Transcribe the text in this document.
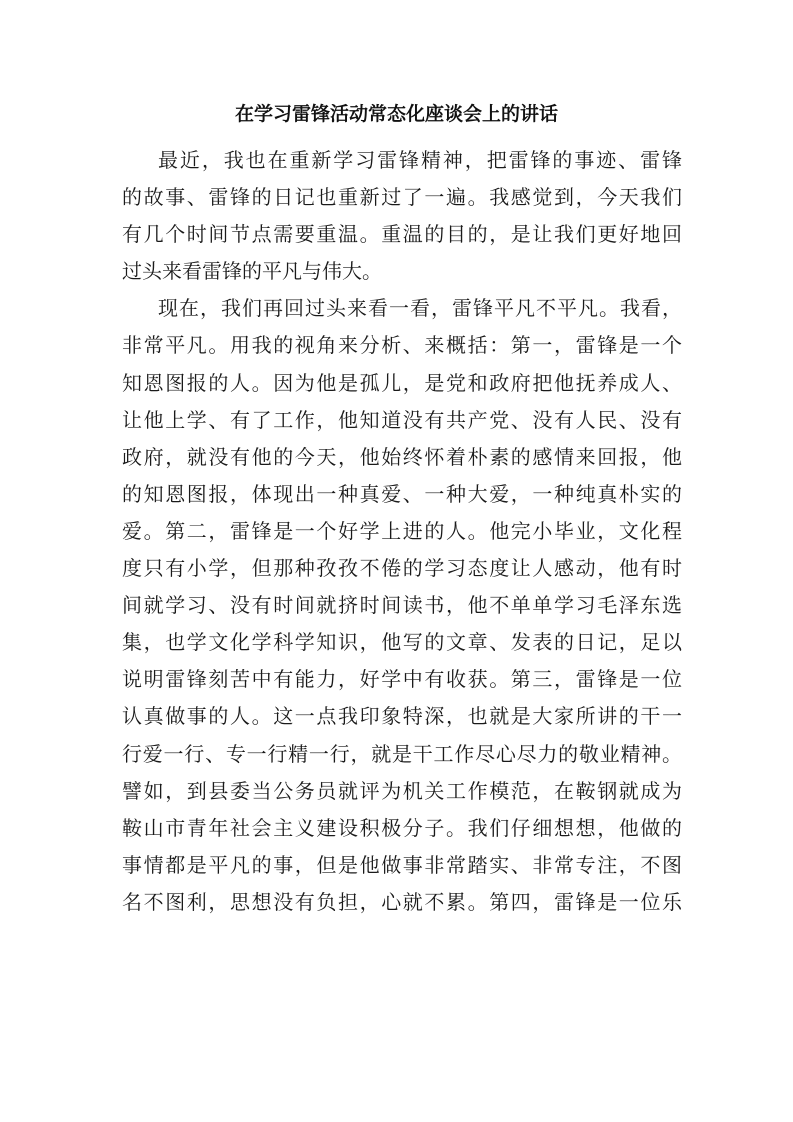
在学习雷锋活动常态化座谈会上的讲话
最近，我也在重新学习雷锋精神，把雷锋的事迹、雷锋
的故事、雷锋的日记也重新过了一遍。我感觉到，今天我们
有几个时间节点需要重温。重温的目的，是让我们更好地回
过头来看雷锋的平凡与伟大。
现在，我们再回过头来看一看，雷锋平凡不平凡。我看，
非常平凡。用我的视角来分析、来概括：第一，雷锋是一个
知恩图报的人。因为他是孤儿，是党和政府把他抚养成人、
让他上学、有了工作，他知道没有共产党、没有人民、没有
政府，就没有他的今天，他始终怀着朴素的感情来回报，他
的知恩图报，体现出一种真爱、一种大爱，一种纯真朴实的
爱。第二，雷锋是一个好学上进的人。他完小毕业，文化程
度只有小学，但那种孜孜不倦的学习态度让人感动，他有时
间就学习、没有时间就挤时间读书，他不单单学习毛泽东选
集，也学文化学科学知识，他写的文章、发表的日记，足以
说明雷锋刻苦中有能力，好学中有收获。第三，雷锋是一位
认真做事的人。这一点我印象特深，也就是大家所讲的干一
行爱一行、专一行精一行，就是干工作尽心尽力的敬业精神。
譬如，到县委当公务员就评为机关工作模范，在鞍钢就成为
鞍山市青年社会主义建设积极分子。我们仔细想想，他做的
事情都是平凡的事，但是他做事非常踏实、非常专注，不图
名不图利，思想没有负担，心就不累。第四，雷锋是一位乐
